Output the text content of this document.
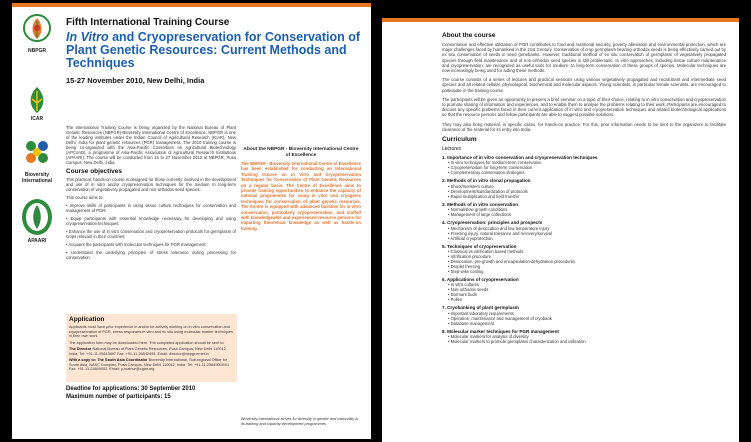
NBPGR
ICAR
Bioversity International
APAARI
Fifth International Training Course
In Vitro and Cryopreservation for Conservation of Plant Genetic Resources: Current Methods and Techniques
15-27 November 2010, New Delhi, India

The International Training Course is being organized by the National Bureau of Plant Genetic Resources (NBPGR)-Bioversity International Centre of Excellence. NBPGR is one of the leading institutes under the Indian Council of Agricultural Research (ICAR), New Delhi, India for plant genetic resources (PGR) management. The 2010 training course is being co-organized with the Asia-Pacific Consortium on Agricultural Biotechnology (APCoAB), a programme of Asia-Pacific Association of Agricultural Research Institutions (APAARI). The course will be conducted from 15 to 27 November 2010 at NBPGR, Pusa Campus, New Delhi, India.

Course objectives

This practical, hands-on course is designed for those currently involved in the development and use of in vitro and/or cryopreservation techniques for the medium to long-term conservation of vegetatively propagated and non-orthodox seed species.

This course aims to:

• Improve skills of participants in using tissue culture techniques for conservation and management of PGR;

• Equip participants with essential knowledge necessary for developing and using cryopreservation techniques;

• Enhance the use of in vitro conservation and cryopreservation protocols for germplasm of crops relevant in their countries;

• Acquaint the participants with molecular techniques for PGR management;

• Understand the underlying principles of stress tolerance during processing for conservation.

About the NBPGR - Bioversity International Centre of Excellence
The NBPGR - Bioversity International Centre of Excellence has been established for conducting an International Training Course on in Vitro and Cryopreservation Techniques for Conservation of Plant Genetic Resources on a regular basis. The Centre of Excellence aims to provide training opportunities to enhance the capacity of national programmes for using in vitro and cryogenic techniques for conservation of plant genetic resources. The Centre is equipped with advanced facilities for in vitro conservation, particularly cryopreservation, and staffed with knowledgeable and experienced resource persons for imparting theoretical knowledge as well as hands-on training.
Bioversity International strives for diversity in gender and nationality in its training and capacity development programmes
Application
Applicants must have prior experience in and/or be actively working on in vitro conservation and cryopreservation of PGR, stress responses in vitro and ex situ using molecular marker techniques in their own work.
The application form may be downloaded here. The completed application should be sent to:
The Director National Bureau of Plant Genetic Resources, Pusa Campus, New Delhi 110012, India. Tel: +91-11-25843697 Fax: +91-11-25842495. Email: director@nbpgr.ernet.in
With a copy to: The South Asia Coordinator Bioversity International, Sub-regional Office for South Asia, NASC Complex, Pusa Campus, New Delhi 110012, India. Tel: +91-11-25849000/01 Fax: +91-11-25849002. Email: p.mathur@cgiar.org
Deadline for applications: 30 September 2010
Maximum number of participants: 15
About the course
Conservation and effective utilization of PGR contributes to food and nutritional security, poverty alleviation and environmental protection, which are major challenges faced by humankind in the 21st Century. Conservation of crop germplasm bearing orthodox seeds is being effectively carried out by ex situ conservation of seeds in seed genebanks. However, traditional method of ex situ conservation of germplasm of vegetatively propagated species through field maintenance and of non-orthodox seed species is still problematic. In vitro approaches, including tissue culture maintenance and cryopreservation, are recognized as useful tools for medium- to long-term conservation of these groups of species. Molecular techniques are now increasingly being used for aiding these methods.
The course consists of a series of lectures and practical sessions using various vegetatively propagated and recalcitrant and intermediate seed species and all related cellular, physiological, biochemical and molecular aspects. Young scientists, in particular female scientists, are encouraged to participate in the training course.
The participants will be given an opportunity to present a brief seminar on a topic of their choice, relating to in vitro conservation and cryopreservation to promote sharing of information and experiences, and to enable them to analyse the problems relating to their work. Participants are encouraged to discuss any specific problems faced in their current application of in vitro and cryopreservation techniques and related biotechnological applications so that the resource persons and fellow participants are able to suggest possible solutions.
They may also bring material, in specific cases, for hands-on practice. For this, prior information needs to be sent to the organizers to facilitate clearance of the material for its entry into India.
Curriculum
Lectures
1. Importance of in vitro conservation and cryopreservation techniques
• In vitro techniques for medium-term conservation
• Cryopreservation for long-term conservation
• Complementary conservation strategies
2. Methods of in vitro clonal propagation
• Shoot/meristem culture
• Development/standardization of protocols
• Rapid multiplication and field transfer
3. Methods of in vitro conservation
• Normal/slow growth conditions
• Management of large collections
4. Cryopreservation: principles and prospects
• Mechanism of desiccation and low temperature injury
• Freezing injury, natural tolerance and recovery/survival
• Artificial cryoprotection
5. Techniques of cryopreservation
• Classical vs.vitrification based methods
• Vitrification procedure
• Desiccation, pre-growth and encapsulation-dehydration procedures
• Droplet freezing
• Step-wise cooling
6. Applications of cryopreservation
• In vitro cultures
• Non-orthodox seeds
• Dormant buds
• Pollen
7. Cryobanking of plant germplasm
• Important laboratory requirements
• Operation, maintenance and management of cryobank
• Database management
8. Molecular marker techniques for PGR management
• Molecular markers for analysis of diversity
• Molecular markers to promote germplasm characterization and utilization
